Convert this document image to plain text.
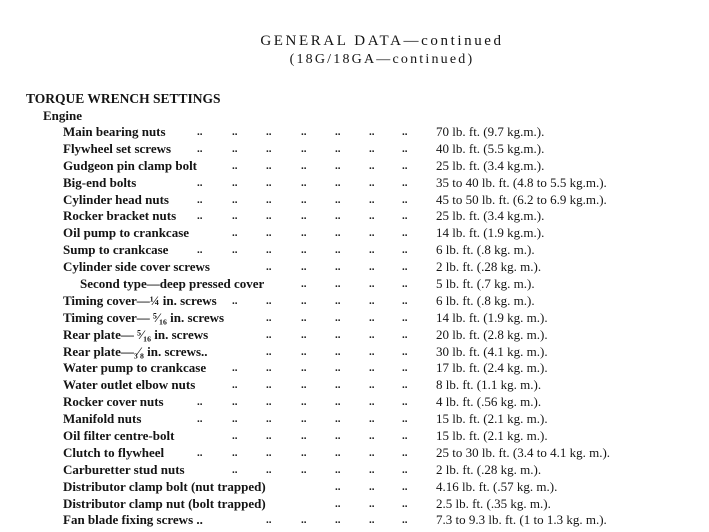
GENERAL DATA—continued
(18G/18GA—continued)
TORQUE WRENCH SETTINGS
Engine
Main bearing nuts	..	..	..	..	..	..	.. 70 lb. ft. (9.7 kg.m.).
Flywheel set screws ..	..	..	..	..	..	.. 40 lb. ft. (5.5 kg.m.).
Gudgeon pin clamp bolt	..	..	..	..	..	.. 25 lb. ft. (3.4 kg.m.).
Big-end bolts	..	..	..	..	..	..	.. 35 to 40 lb. ft. (4.8 to 5.5 kg.m.).
Cylinder head nuts	..	..	..	..	..	..	.. 45 to 50 lb. ft. (6.2 to 6.9 kg.m.).
Rocker bracket nuts ..	..	..	..	..	..	.. 25 lb. ft. (3.4 kg.m.).
Oil pump to crankcase	..	..	..	..	..	.. 14 lb. ft. (1.9 kg.m.).
Sump to crankcase	..	..	..	..	..	..	.. 6 lb. ft. (.8 kg. m.).
Cylinder side cover screws	..	..	..	..	.. 2 lb. ft. (.28 kg. m.).
Second type—deep pressed cover	..	..	..	.. 5 lb. ft. (.7 kg. m.).
Timing cover—¼ in. screws ..	..	..	..	..	.. 6 lb. ft. (.8 kg. m.).
Timing cover— ⁵⁄₁₆ in. screws	..	..	..	..	.. 14 lb. ft. (1.9 kg. m.).
Rear plate— ⁵⁄₁₆ in. screws	..	..	..	..	.. 20 lb. ft. (2.8 kg. m.).
Rear plate—₃⁄₈ in. screws..	..	..	..	..	.. 30 lb. ft. (4.1 kg. m.).
Water pump to crankcase ..	..	..	..	..	.. 17 lb. ft. (2.4 kg. m.).
Water outlet elbow nuts	..	..	..	..	..	.. 8 lb. ft. (1.1 kg. m.).
Rocker cover nuts	..	..	..	..	..	..	.. 4 lb. ft. (.56 kg. m.).
Manifold nuts	..	..	..	..	..	..	.. 15 lb. ft. (2.1 kg. m.).
Oil filter centre-bolt	..	..	..	..	..	.. 15 lb. ft. (2.1 kg. m.).
Clutch to flywheel	..	..	..	..	..	..	.. 25 to 30 lb. ft. (3.4 to 4.1 kg. m.).
Carburetter stud nuts	..	..	..	..	..	.. 2 lb. ft. (.28 kg. m.).
Distributor clamp bolt (nut trapped)	..	..	.. 4.16 lb. ft. (.57 kg. m.).
Distributor clamp nut (bolt trapped)	..	..	.. 2.5 lb. ft. (.35 kg. m.).
Fan blade fixing screws ..	..	..	..	..	.. 7.3 to 9.3 lb. ft. (1 to 1.3 kg. m.).
